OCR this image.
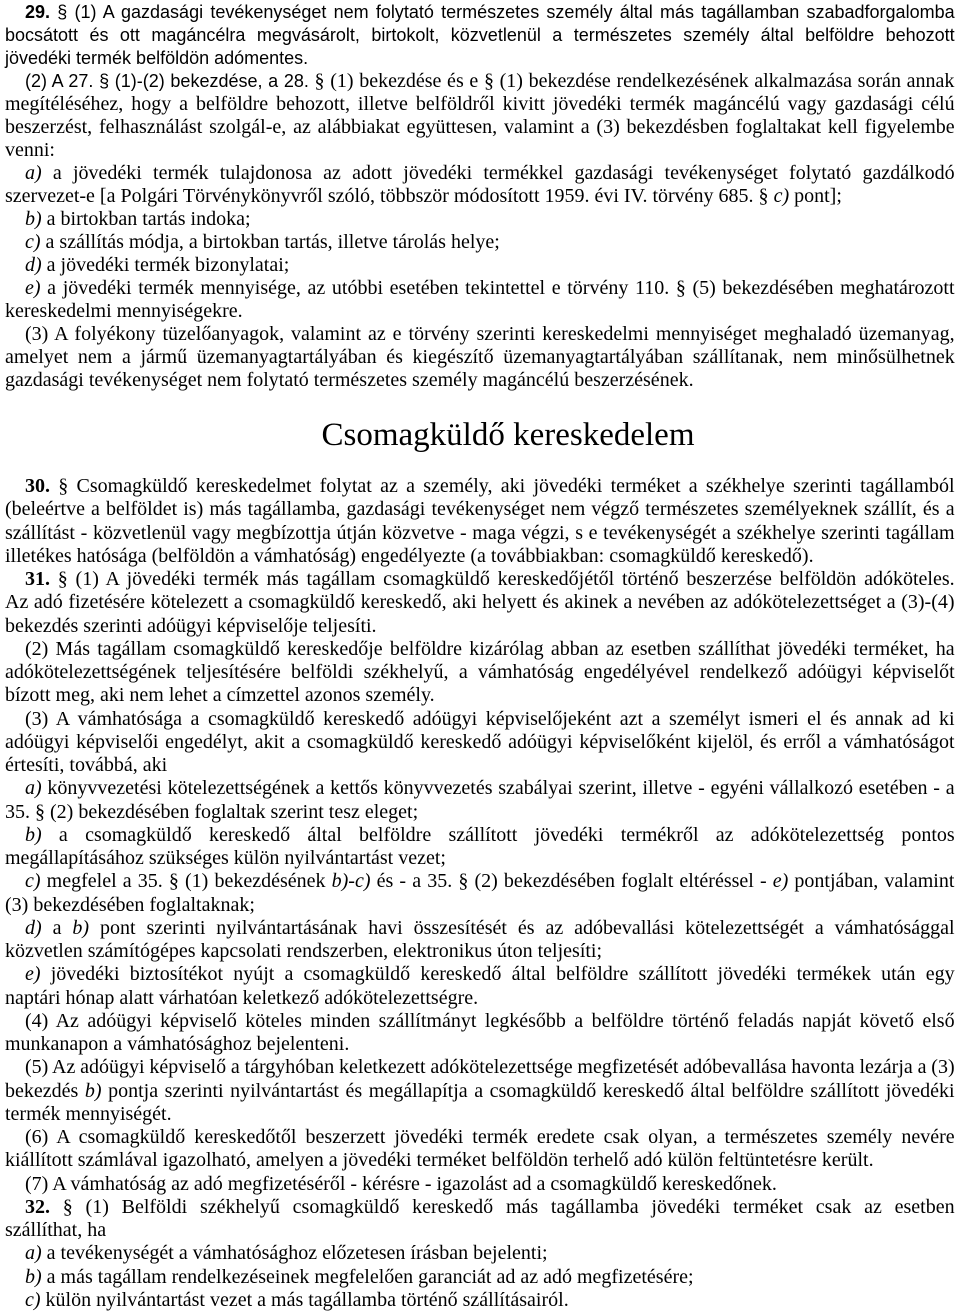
29. § (1) A gazdasági tevékenységet nem folytató természetes személy által más tagállamban szabadforgalomba
bocsátott és ott magáncélra megvásárolt, birtokolt, közvetlenül a természetes személy által belföldre behozott
jövedéki termék belföldön adómentes.
(2) A 27. § (1)-(2) bekezdése, a 28. § (1) bekezdése és e § (1) bekezdése rendelkezésének alkalmazása során annak
megítéléséhez, hogy a belföldre behozott, illetve belföldről kivitt jövedéki termék magáncélú vagy gazdasági célú
beszerzést, felhasználást szolgál-e, az alábbiakat együttesen, valamint a (3) bekezdésben foglaltakat kell figyelembe
venni:
a) a jövedéki termék tulajdonosa az adott jövedéki termékkel gazdasági tevékenységet folytató gazdálkodó
szervezet-e [a Polgári Törvénykönyvről szóló, többször módosított 1959. évi IV. törvény 685. § c) pont];
b) a birtokban tartás indoka;
c) a szállítás módja, a birtokban tartás, illetve tárolás helye;
d) a jövedéki termék bizonylatai;
e) a jövedéki termék mennyisége, az utóbbi esetében tekintettel e törvény 110. § (5) bekezdésében meghatározott
kereskedelmi mennyiségekre.
(3) A folyékony tüzelőanyagok, valamint az e törvény szerinti kereskedelmi mennyiséget meghaladó üzemanyag,
amelyet nem a jármű üzemanyagtartályában és kiegészítő üzemanyagtartályában szállítanak, nem minősülhetnek
gazdasági tevékenységet nem folytató természetes személy magáncélú beszerzésének.
Csomagküldő kereskedelem
30. § Csomagküldő kereskedelmet folytat az a személy, aki jövedéki terméket a székhelye szerinti tagállamból
(beleértve a belföldet is) más tagállamba, gazdasági tevékenységet nem végző természetes személyeknek szállít, és a
szállítást - közvetlenül vagy megbízottja útján közvetve - maga végzi, s e tevékenységét a székhelye szerinti tagállam
illetékes hatósága (belföldön a vámhatóság) engedélyezte (a továbbiakban: csomagküldő kereskedő).
31. § (1) A jövedéki termék más tagállam csomagküldő kereskedőjétől történő beszerzése belföldön adóköteles.
Az adó fizetésére kötelezett a csomagküldő kereskedő, aki helyett és akinek a nevében az adókötelezettséget a (3)-(4)
bekezdés szerinti adóügyi képviselője teljesíti.
(2) Más tagállam csomagküldő kereskedője belföldre kizárólag abban az esetben szállíthat jövedéki terméket, ha
adókötelezettségének teljesítésére belföldi székhelyű, a vámhatóság engedélyével rendelkező adóügyi képviselőt
bízott meg, aki nem lehet a címzettel azonos személy.
(3) A vámhatósága a csomagküldő kereskedő adóügyi képviselőjeként azt a személyt ismeri el és annak ad ki
adóügyi képviselői engedélyt, akit a csomagküldő kereskedő adóügyi képviselőként kijelöl, és erről a vámhatóságot
értesíti, továbbá, aki
a) könyvvezetési kötelezettségének a kettős könyvvezetés szabályai szerint, illetve - egyéni vállalkozó esetében - a
35. § (2) bekezdésében foglaltak szerint tesz eleget;
b) a csomagküldő kereskedő által belföldre szállított jövedéki termékről az adókötelezettség pontos
megállapításához szükséges külön nyilvántartást vezet;
c) megfelel a 35. § (1) bekezdésének b)-c) és - a 35. § (2) bekezdésében foglalt eltéréssel - e) pontjában, valamint
(3) bekezdésében foglaltaknak;
d) a b) pont szerinti nyilvántartásának havi összesítését és az adóbevallási kötelezettségét a vámhatósággal
közvetlen számítógépes kapcsolati rendszerben, elektronikus úton teljesíti;
e) jövedéki biztosítékot nyújt a csomagküldő kereskedő által belföldre szállított jövedéki termékek után egy
naptári hónap alatt várhatóan keletkező adókötelezettségre.
(4) Az adóügyi képviselő köteles minden szállítmányt legkésőbb a belföldre történő feladás napját követő első
munkanapon a vámhatósághoz bejelenteni.
(5) Az adóügyi képviselő a tárgyhóban keletkezett adókötelezettsége megfizetését adóbevallása havonta lezárja a (3)
bekezdés b) pontja szerinti nyilvántartást és megállapítja a csomagküldő kereskedő által belföldre szállított jövedéki
termék mennyiségét.
(6) A csomagküldő kereskedőtől beszerzett jövedéki termék eredete csak olyan, a természetes személy nevére
kiállított számlával igazolható, amelyen a jövedéki terméket belföldön terhelő adó külön feltüntetésre került.
(7) A vámhatóság az adó megfizetéséről - kérésre - igazolást ad a csomagküldő kereskedőnek.
32. § (1) Belföldi székhelyű csomagküldő kereskedő más tagállamba jövedéki terméket csak az esetben
szállíthat, ha
a) a tevékenységét a vámhatósághoz előzetesen írásban bejelenti;
b) a más tagállam rendelkezéseinek megfelelően garanciát ad az adó megfizetésére;
c) külön nyilvántartást vezet a más tagállamba történő szállításairól.
